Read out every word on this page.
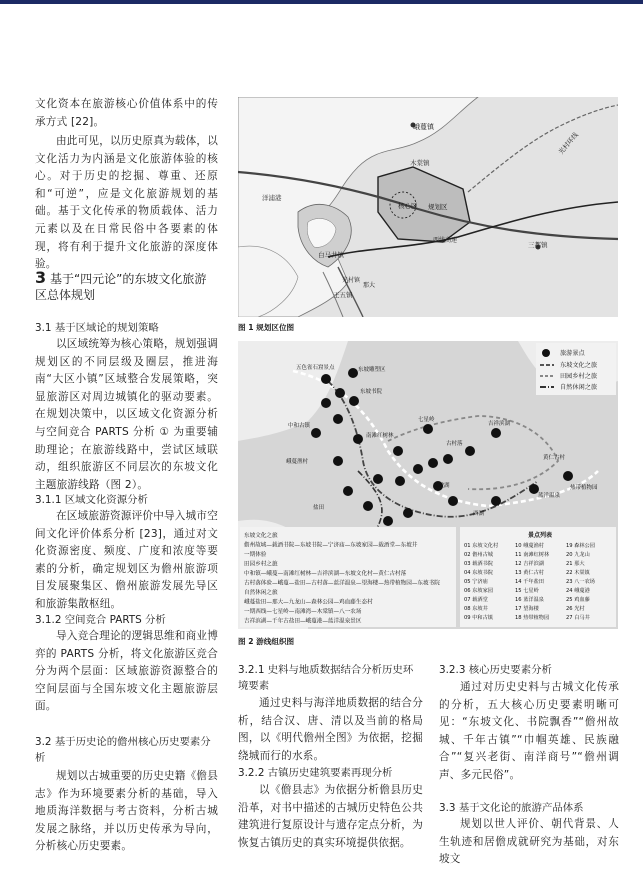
文化资本在旅游核心价值体系中的传承方式 [22]。

由此可见，以历史原真为载体，以文化活力为内涵是文化旅游体验的核心。对于历史的挖掘、尊重、还原和“可逆”，应是文化旅游规划的基础。基于文化传承的物质载体、活力元素以及在日常民俗中各要素的体现，将有利于提升文化旅游的深度体验。

3 基于“四元论”的东坡文化旅游区总体规划

3.1 基于区域论的规划策略

以区域统筹为核心策略，规划强调规划区的不同层级及圈层，推进海南“大区小镇”区域整合发展策略，突显旅游区对周边城镇化的驱动要素。在规划决策中，以区域文化资源分析与空间竞合 PARTS 分析 ① 为重要辅助理论；在旅游线路中，尝试区域联动，组织旅游区不同层次的东坡文化主题旅游线路（图 2）。

3.1.1 区域文化资源分析

在区域旅游资源评价中导入城市空间文化评价体系分析 [23]，通过对文化资源密度、频度、广度和浓度等要素的分析，确定规划区为儋州旅游项目发展聚集区、儋州旅游发展先导区和旅游集散枢纽。

3.1.2 空间竞合 PARTS 分析

导入竞合理论的逻辑思维和商业博弈的 PARTS 分析，将文化旅游区竞合分为两个层面：区域旅游资源整合的空间层面与全国东坡文化主题旅游层面。

3.2 基于历史论的儋州核心历史要素分析

规划以古城重要的历史史籍《儋县志》作为环境要素分析的基础，导入地质海洋数据与考古资料，分析古城发展之脉络，并以历史传承为导向，分析核心历史要素。

峨蔓镇
光村环线
木棠镇
洋浦港
核心区 规划区
白马井镇
西线高速
三都镇
光村镇
那大
王五镇
图 1 规划区位图
五色雀石窟景点	东坡雕塑区
东坡书院
中和古镇
南滩红树林
七星岭
吉祥滨湖
峨蔓渔村
古村落
黄仁古村
盐田
东坡湖
西湖
蓝洋温泉
热带植物园
旅游景点
东坡文化之旅
田园乡村之旅
自然休闲之旅
东坡文化之旅
儋州故城—载酒书院—东坡书院—宁济庙—东坡家园—载酒堂—东坡井
一期体验
田园乡村之旅
中和镇—峨蔓—南滩红树林—吉祥滨湖—东坡文化村—黄仁古村落
古村落体验—峨蔓—盐田—古村落—蓝洋温泉—望海楼—热带植物园—东坡书院
自然休闲之旅
峨蔓盐田—那大—九龙山—森林公园—鸡血藤生态村
一期西线—七星岭—南滩湾—木棠镇—八一农场
吉祥滨湖—千年古盐田—峨蔓港—蓝洋温泉景区
景点列表
01 东坡文化村
02 儋州古城
03 载酒书院
04 东坡书院
05 宁济庙
06 东坡家园
07 载酒堂
08 东坡井
09 中和古镇
10 峨蔓渔村
11 南滩红树林
12 吉祥滨湖
13 黄仁古村
14 千年盐田
15 七星岭
16 蓝洋温泉
17 望海楼
18 热带植物园
19 森林公园
20 九龙山
21 那大
22 木棠镇
23 八一农场
24 峨蔓港
25 鸡血藤
26 光村
27 白马井
图 2 游线组织图

3.2.1 史料与地质数据结合分析历史环境要素

通过史料与海洋地质数据的结合分析，结合汉、唐、清以及当前的格局图，以《明代儋州全图》为依据，挖掘绕城而行的水系。

3.2.2 古镇历史建筑要素再现分析

以《儋县志》为依据分析儋县历史沿革，对书中描述的古城历史特色公共建筑进行复原设计与遗存定点分析，为恢复古镇历史的真实环境提供依据。

3.2.3 核心历史要素分析

通过对历史史料与古城文化传承的分析，五大核心历史要素明晰可见：“东坡文化、书院飘香”“儋州故城、千年古镇”“巾帼英雄、民族融合”“复兴老街、南洋商号”“儋州调声、多元民俗”。

3.3 基于文化论的旅游产品体系

规划以世人评价、朝代背景、人生轨迹和居儋成就研究为基础，对东坡文
